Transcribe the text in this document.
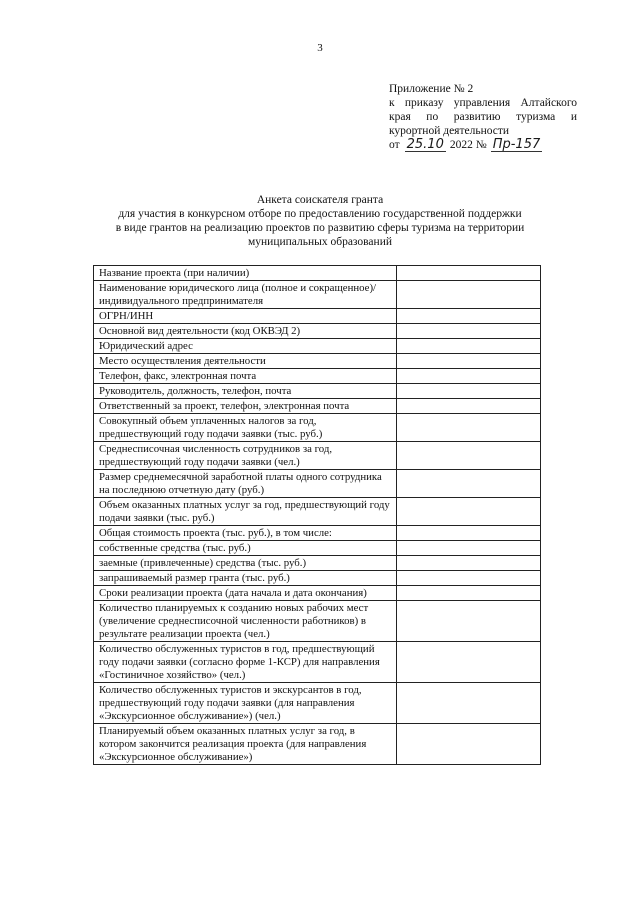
3
Приложение № 2
к приказу управления Алтайского
края по развитию туризма и
курортной деятельности
от 25.10 2022 № Пр-157
Анкета соискателя гранта
для участия в конкурсном отборе по предоставлению государственной поддержки
в виде грантов на реализацию проектов по развитию сферы туризма на территории
муниципальных образований
Название проекта (при наличии)	
Наименование юридического лица (полное и сокращенное)/индивидуального предпринимателя	
ОГРН/ИНН	
Основной вид деятельности (код ОКВЭД 2)	
Юридический адрес	
Место осуществления деятельности	
Телефон, факс, электронная почта	
Руководитель, должность, телефон, почта	
Ответственный за проект, телефон, электронная почта	
Совокупный объем уплаченных налогов за год, предшествующий году подачи заявки (тыс. руб.)	
Среднесписочная численность сотрудников за год, предшествующий году подачи заявки (чел.)	
Размер среднемесячной заработной платы одного сотрудника на последнюю отчетную дату (руб.)	
Объем оказанных платных услуг за год, предшествующий году подачи заявки (тыс. руб.)	
Общая стоимость проекта (тыс. руб.), в том числе:	
собственные средства (тыс. руб.)	
заемные (привлеченные) средства (тыс. руб.)	
запрашиваемый размер гранта (тыс. руб.)	
Сроки реализации проекта (дата начала и дата окончания)	
Количество планируемых к созданию новых рабочих мест (увеличение среднесписочной численности работников) в результате реализации проекта (чел.)	
Количество обслуженных туристов в год, предшествующий году подачи заявки (согласно форме 1-КСР) для направления «Гостиничное хозяйство» (чел.)	
Количество обслуженных туристов и экскурсантов в год, предшествующий году подачи заявки (для направления «Экскурсионное обслуживание») (чел.)	
Планируемый объем оказанных платных услуг за год, в котором закончится реализация проекта (для направления «Экскурсионное обслуживание»)	
